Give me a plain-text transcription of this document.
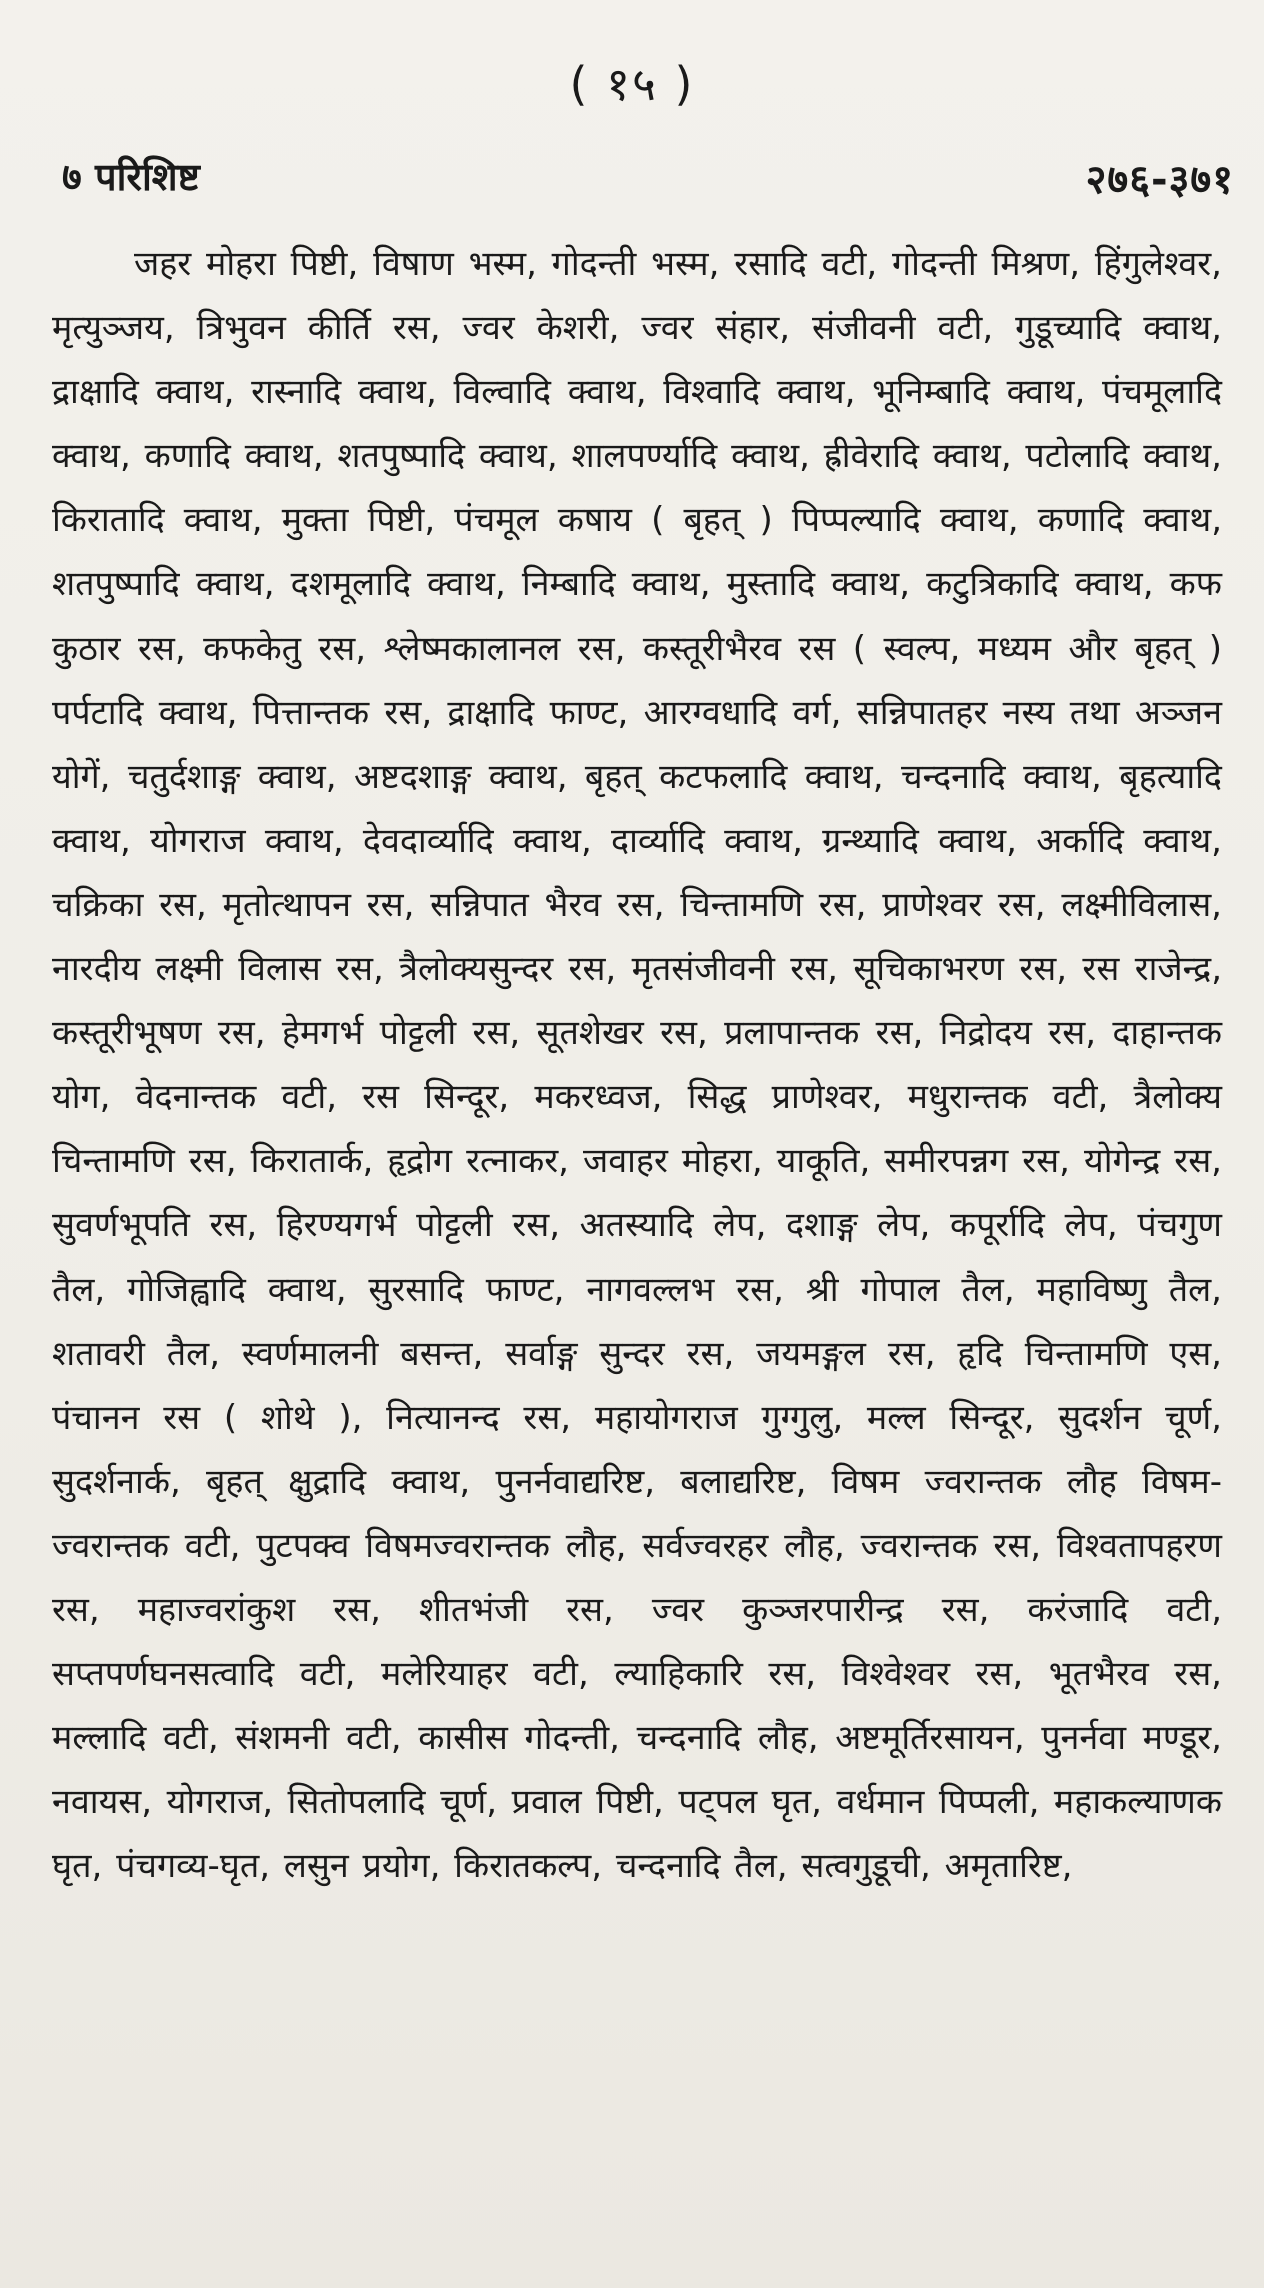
( १५ )
७ परिशिष्ट	२७६-३७१

जहर मोहरा पिष्टी, विषाण भस्म, गोदन्ती भस्म, रसादि वटी, गोदन्ती मिश्रण, हिंगुलेश्वर, मृत्युञ्जय, त्रिभुवन कीर्ति रस, ज्वर केशरी, ज्वर संहार, संजीवनी वटी, गुडूच्यादि क्वाथ, द्राक्षादि क्वाथ, रास्नादि क्वाथ, विल्वादि क्वाथ, विश्वादि क्वाथ, भूनिम्बादि क्वाथ, पंचमूलादि क्वाथ, कणादि क्वाथ, शतपुष्पादि क्वाथ, शालपर्ण्यादि क्वाथ, ह्रीवेरादि क्वाथ, पटोलादि क्वाथ, किरातादि क्वाथ, मुक्ता पिष्टी, पंचमूल कषाय ( बृहत् ) पिप्पल्यादि क्वाथ, कणादि क्वाथ, शतपुष्पादि क्वाथ, दशमूलादि क्वाथ, निम्बादि क्वाथ, मुस्तादि क्वाथ, कटुत्रिकादि क्वाथ, कफ कुठार रस, कफकेतु रस, श्लेष्मकालानल रस, कस्तूरीभैरव रस ( स्वल्प, मध्यम और बृहत् ) पर्पटादि क्वाथ, पित्तान्तक रस, द्राक्षादि फाण्ट, आरग्वधादि वर्ग, सन्निपातहर नस्य तथा अञ्जन योगें, चतुर्दशाङ्ग क्वाथ, अष्टदशाङ्ग क्वाथ, बृहत् कटफलादि क्वाथ, चन्दनादि क्वाथ, बृहत्यादि क्वाथ, योगराज क्वाथ, देवदार्व्यादि क्वाथ, दार्व्यादि क्वाथ, ग्रन्थ्यादि क्वाथ, अर्कादि क्वाथ, चक्रिका रस, मृतोत्थापन रस, सन्निपात भैरव रस, चिन्तामणि रस, प्राणेश्वर रस, लक्ष्मीविलास, नारदीय लक्ष्मी विलास रस, त्रैलोक्यसुन्दर रस, मृतसंजीवनी रस, सूचिकाभरण रस, रस राजेन्द्र, कस्तूरीभूषण रस, हेमगर्भ पोट्टली रस, सूतशेखर रस, प्रलापान्तक रस, निद्रोदय रस, दाहान्तक योग, वेदनान्तक वटी, रस सिन्दूर, मकरध्वज, सिद्ध प्राणेश्वर, मधुरान्तक वटी, त्रैलोक्य चिन्तामणि रस, किरातार्क, हृद्रोग रत्नाकर, जवाहर मोहरा, याकूति, समीरपन्नग रस, योगेन्द्र रस, सुवर्णभूपति रस, हिरण्यगर्भ पोट्टली रस, अतस्यादि लेप, दशाङ्ग लेप, कपूर्रादि लेप, पंचगुण तैल, गोजिह्वादि क्वाथ, सुरसादि फाण्ट, नागवल्लभ रस, श्री गोपाल तैल, महाविष्णु तैल, शतावरी तैल, स्वर्णमालनी बसन्त, सर्वाङ्ग सुन्दर रस, जयमङ्गल रस, हृदि चिन्तामणि एस, पंचानन रस ( शोथे ), नित्यानन्द रस, महायोगराज गुग्गुलु, मल्ल सिन्दूर, सुदर्शन चूर्ण, सुदर्शनार्क, बृहत् क्षुद्रादि क्वाथ, पुनर्नवाद्यरिष्ट, बलाद्यरिष्ट, विषम ज्वरान्तक लौह विषम-ज्वरान्तक वटी, पुटपक्व विषमज्वरान्तक लौह, सर्वज्वरहर लौह, ज्वरान्तक रस, विश्वतापहरण रस, महाज्वरांकुश रस, शीतभंजी रस, ज्वर कुञ्जरपारीन्द्र रस, करंजादि वटी, सप्तपर्णघनसत्वादि वटी, मलेरियाहर वटी, ल्याहिकारि रस, विश्वेश्वर रस, भूतभैरव रस, मल्लादि वटी, संशमनी वटी, कासीस गोदन्ती, चन्दनादि लौह, अष्टमूर्तिरसायन, पुनर्नवा मण्डूर, नवायस, योगराज, सितोपलादि चूर्ण, प्रवाल पिष्टी, पट्पल घृत, वर्धमान पिप्पली, महाकल्याणक घृत, पंचगव्य-घृत, लसुन प्रयोग, किरातकल्प, चन्दनादि तैल, सत्वगुडूची, अमृतारिष्ट,
